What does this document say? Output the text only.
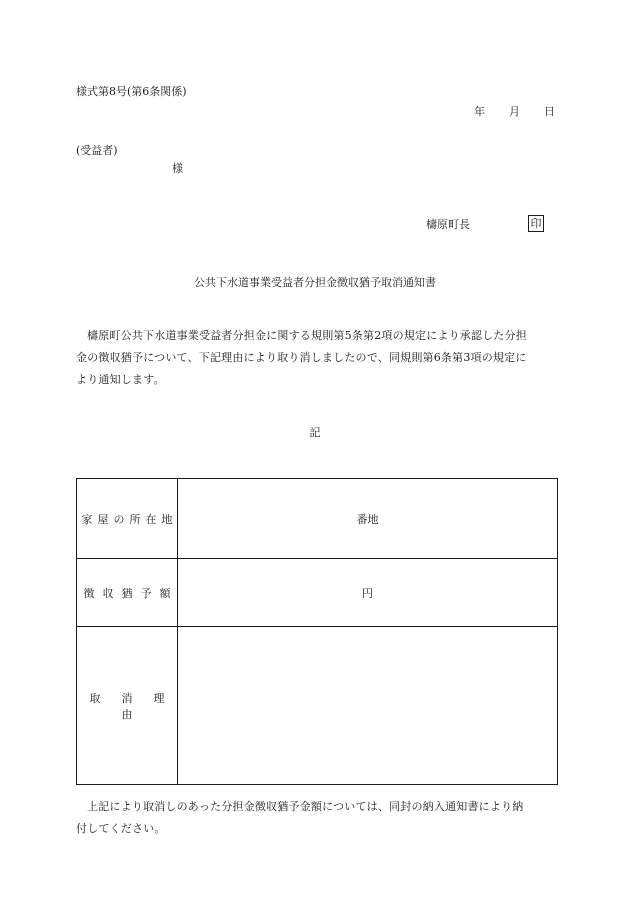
様式第8号(第6条関係)
年 月 日
(受益者)
様
檮原町長	印
公共下水道事業受益者分担金徴収猶予取消通知書
檮原町公共下水道事業受益者分担金に関する規則第5条第2項の規定により承認した分担
金の徴収猶予について、下記理由により取り消しましたので、同規則第6条第3項の規定に
より通知します。
記
家屋の所在地	番地
徴収猶予額	円
取消理由	
上記により取消しのあった分担金徴収猶予金額については、同封の納入通知書により納
付してください。
